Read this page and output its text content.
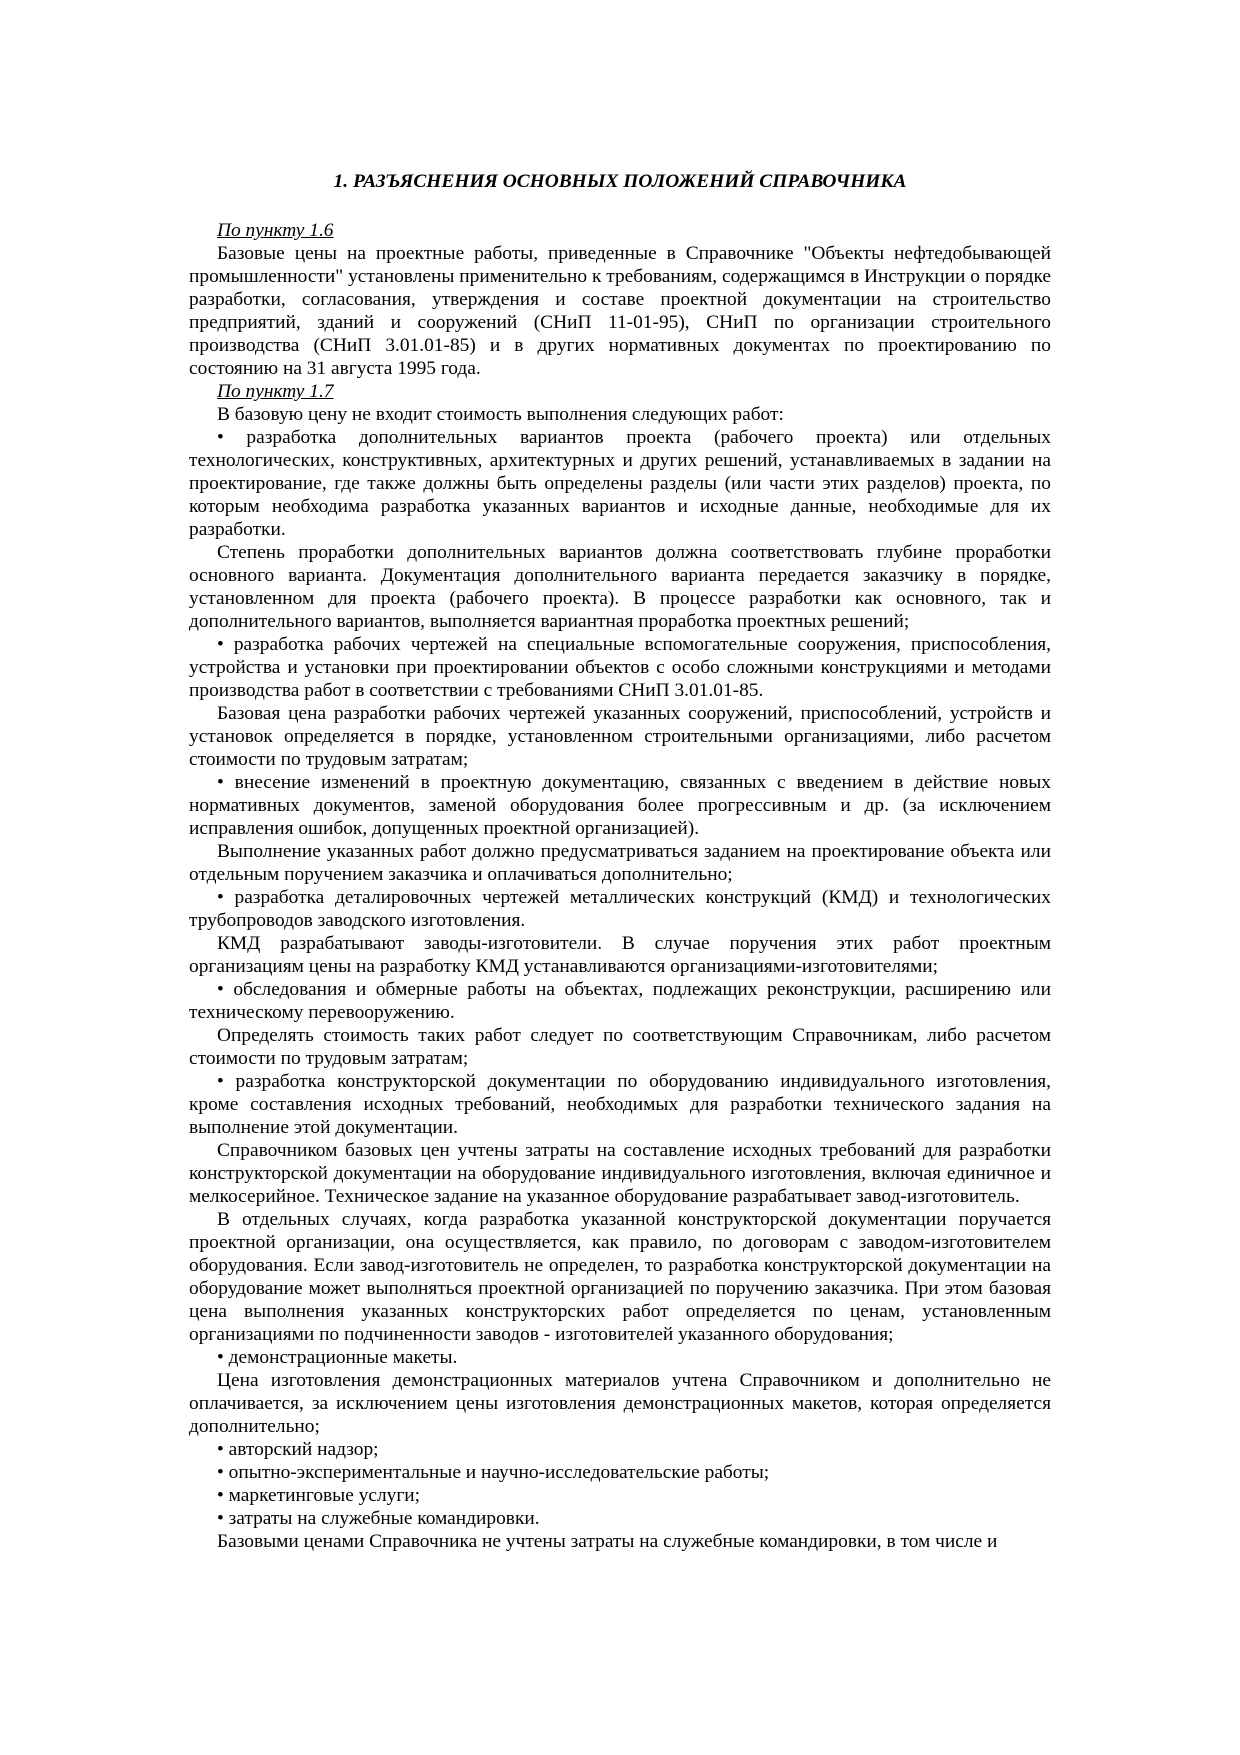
1. РАЗЪЯСНЕНИЯ ОСНОВНЫХ ПОЛОЖЕНИЙ СПРАВОЧНИКА

По пункту 1.6

Базовые цены на проектные работы, приведенные в Справочнике "Объекты нефтедобывающей промышленности" установлены применительно к требованиям, содержащимся в Инструкции о порядке разработки, согласования, утверждения и составе проектной документации на строительство предприятий, зданий и сооружений (СНиП 11-01-95), СНиП по организации строительного производства (СНиП 3.01.01-85) и в других нормативных документах по проектированию по состоянию на 31 августа 1995 года.

По пункту 1.7

В базовую цену не входит стоимость выполнения следующих работ:

• разработка дополнительных вариантов проекта (рабочего проекта) или отдельных технологических, конструктивных, архитектурных и других решений, устанавливаемых в задании на проектирование, где также должны быть определены разделы (или части этих разделов) проекта, по которым необходима разработка указанных вариантов и исходные данные, необходимые для их разработки.

Степень проработки дополнительных вариантов должна соответствовать глубине проработки основного варианта. Документация дополнительного варианта передается заказчику в порядке, установленном для проекта (рабочего проекта). В процессе разработки как основного, так и дополнительного вариантов, выполняется вариантная проработка проектных решений;

• разработка рабочих чертежей на специальные вспомогательные сооружения, приспособления, устройства и установки при проектировании объектов с особо сложными конструкциями и методами производства работ в соответствии с требованиями СНиП 3.01.01-85.

Базовая цена разработки рабочих чертежей указанных сооружений, приспособлений, устройств и установок определяется в порядке, установленном строительными организациями, либо расчетом стоимости по трудовым затратам;

• внесение изменений в проектную документацию, связанных с введением в действие новых нормативных документов, заменой оборудования более прогрессивным и др. (за исключением исправления ошибок, допущенных проектной организацией).

Выполнение указанных работ должно предусматриваться заданием на проектирование объекта или отдельным поручением заказчика и оплачиваться дополнительно;

• разработка деталировочных чертежей металлических конструкций (КМД) и технологических трубопроводов заводского изготовления.

КМД разрабатывают заводы-изготовители. В случае поручения этих работ проектным организациям цены на разработку КМД устанавливаются организациями-изготовителями;

• обследования и обмерные работы на объектах, подлежащих реконструкции, расширению или техническому перевооружению.

Определять стоимость таких работ следует по соответствующим Справочникам, либо расчетом стоимости по трудовым затратам;

• разработка конструкторской документации по оборудованию индивидуального изготовления, кроме составления исходных требований, необходимых для разработки технического задания на выполнение этой документации.

Справочником базовых цен учтены затраты на составление исходных требований для разработки конструкторской документации на оборудование индивидуального изготовления, включая единичное и мелкосерийное. Техническое задание на указанное оборудование разрабатывает завод-изготовитель.

В отдельных случаях, когда разработка указанной конструкторской документации поручается проектной организации, она осуществляется, как правило, по договорам с заводом-изготовителем оборудования. Если завод-изготовитель не определен, то разработка конструкторской документации на оборудование может выполняться проектной организацией по поручению заказчика. При этом базовая цена выполнения указанных конструкторских работ определяется по ценам, установленным организациями по подчиненности заводов - изготовителей указанного оборудования;

• демонстрационные макеты.

Цена изготовления демонстрационных материалов учтена Справочником и дополнительно не оплачивается, за исключением цены изготовления демонстрационных макетов, которая определяется дополнительно;

• авторский надзор;

• опытно-экспериментальные и научно-исследовательские работы;

• маркетинговые услуги;

• затраты на служебные командировки.

Базовыми ценами Справочника не учтены затраты на служебные командировки, в том числе и
